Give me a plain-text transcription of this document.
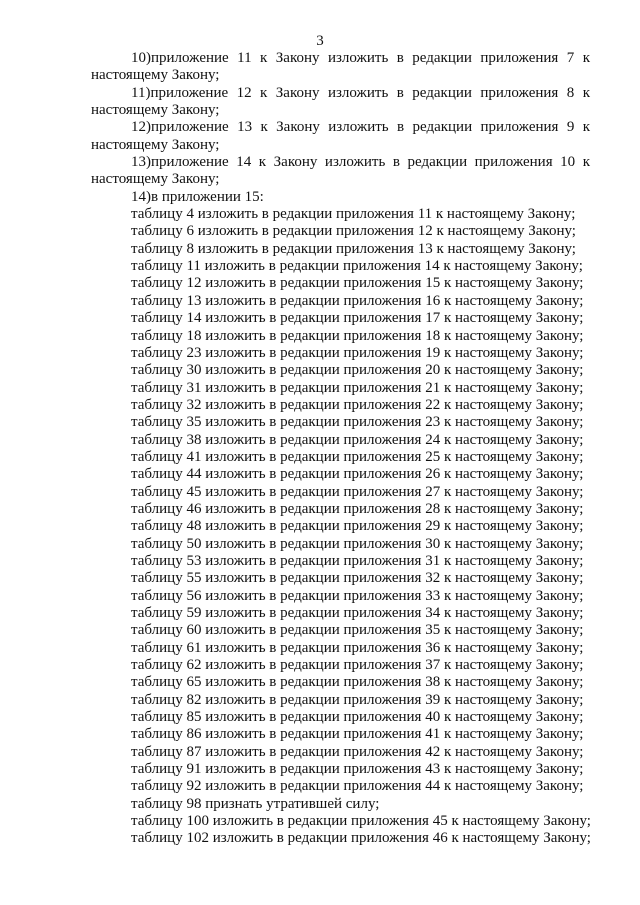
3
10)приложение 11 к Закону изложить в редакции приложения 7 к
настоящему Закону;
11)приложение 12 к Закону изложить в редакции приложения 8 к
настоящему Закону;
12)приложение 13 к Закону изложить в редакции приложения 9 к
настоящему Закону;
13)приложение 14 к Закону изложить в редакции приложения 10 к
настоящему Закону;
14)в приложении 15:
таблицу 4 изложить в редакции приложения 11 к настоящему Закону;
таблицу 6 изложить в редакции приложения 12 к настоящему Закону;
таблицу 8 изложить в редакции приложения 13 к настоящему Закону;
таблицу 11 изложить в редакции приложения 14 к настоящему Закону;
таблицу 12 изложить в редакции приложения 15 к настоящему Закону;
таблицу 13 изложить в редакции приложения 16 к настоящему Закону;
таблицу 14 изложить в редакции приложения 17 к настоящему Закону;
таблицу 18 изложить в редакции приложения 18 к настоящему Закону;
таблицу 23 изложить в редакции приложения 19 к настоящему Закону;
таблицу 30 изложить в редакции приложения 20 к настоящему Закону;
таблицу 31 изложить в редакции приложения 21 к настоящему Закону;
таблицу 32 изложить в редакции приложения 22 к настоящему Закону;
таблицу 35 изложить в редакции приложения 23 к настоящему Закону;
таблицу 38 изложить в редакции приложения 24 к настоящему Закону;
таблицу 41 изложить в редакции приложения 25 к настоящему Закону;
таблицу 44 изложить в редакции приложения 26 к настоящему Закону;
таблицу 45 изложить в редакции приложения 27 к настоящему Закону;
таблицу 46 изложить в редакции приложения 28 к настоящему Закону;
таблицу 48 изложить в редакции приложения 29 к настоящему Закону;
таблицу 50 изложить в редакции приложения 30 к настоящему Закону;
таблицу 53 изложить в редакции приложения 31 к настоящему Закону;
таблицу 55 изложить в редакции приложения 32 к настоящему Закону;
таблицу 56 изложить в редакции приложения 33 к настоящему Закону;
таблицу 59 изложить в редакции приложения 34 к настоящему Закону;
таблицу 60 изложить в редакции приложения 35 к настоящему Закону;
таблицу 61 изложить в редакции приложения 36 к настоящему Закону;
таблицу 62 изложить в редакции приложения 37 к настоящему Закону;
таблицу 65 изложить в редакции приложения 38 к настоящему Закону;
таблицу 82 изложить в редакции приложения 39 к настоящему Закону;
таблицу 85 изложить в редакции приложения 40 к настоящему Закону;
таблицу 86 изложить в редакции приложения 41 к настоящему Закону;
таблицу 87 изложить в редакции приложения 42 к настоящему Закону;
таблицу 91 изложить в редакции приложения 43 к настоящему Закону;
таблицу 92 изложить в редакции приложения 44 к настоящему Закону;
таблицу 98 признать утратившей силу;
таблицу 100 изложить в редакции приложения 45 к настоящему Закону;
таблицу 102 изложить в редакции приложения 46 к настоящему Закону;
